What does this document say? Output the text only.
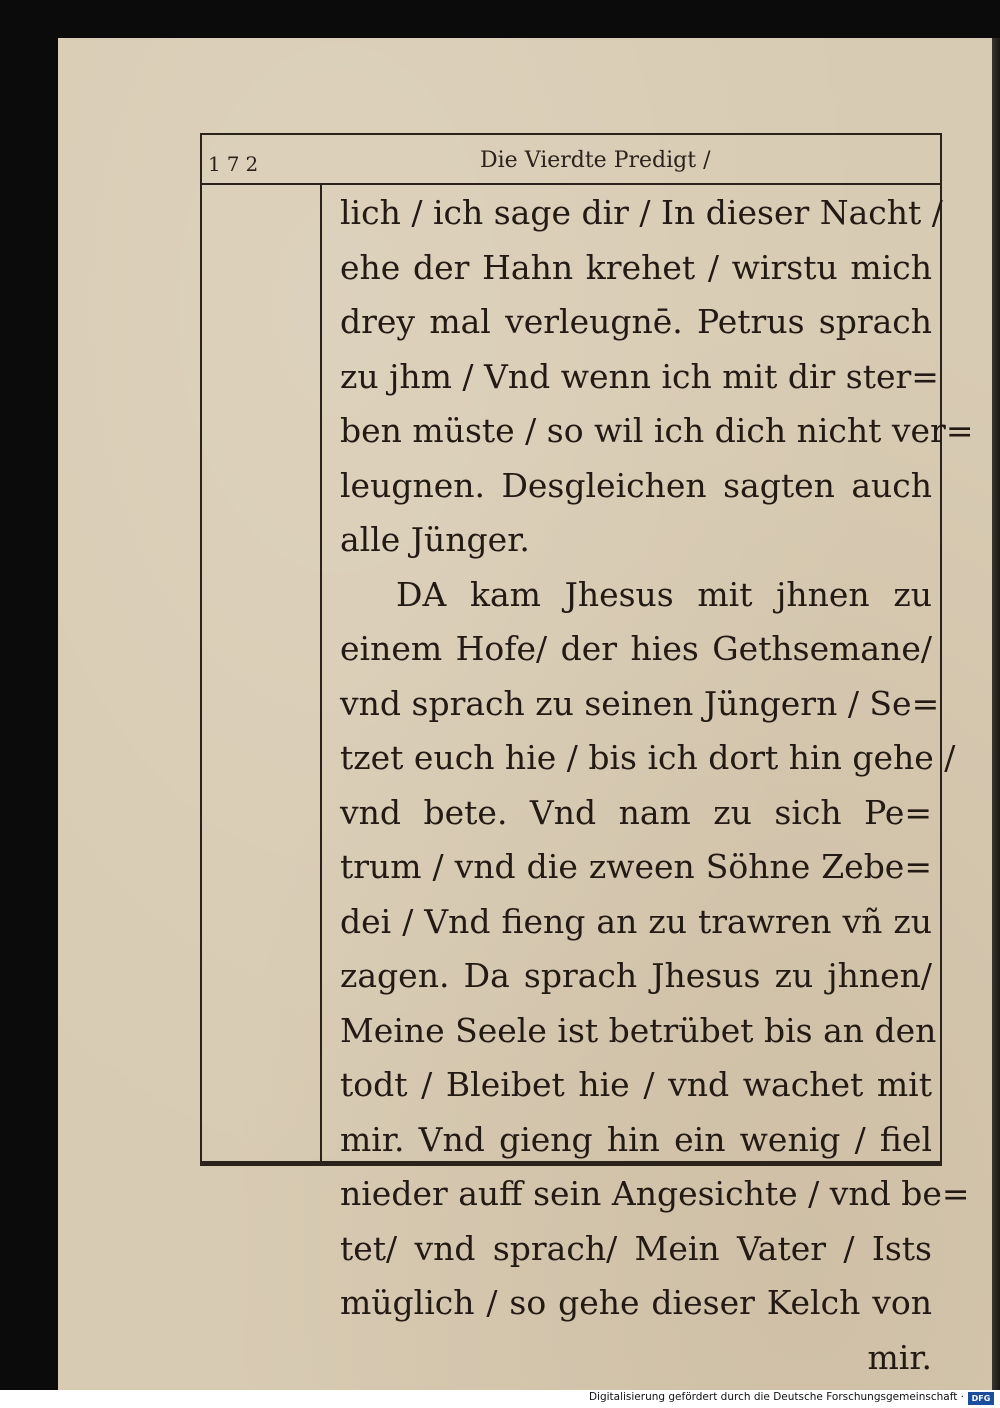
172	Die Vierdte Predigt /
lich / ich sage dir / In dieser Nacht /
ehe der Hahn krehet / wirstu mich
drey mal verleugnē. Petrus sprach
zu jhm / Vnd wenn ich mit dir ster=
ben müste / so wil ich dich nicht ver=
leugnen. Desgleichen sagten auch
alle Jünger.
DA kam Jhesus mit jhnen zu
einem Hofe/ der hies Gethsemane/
vnd sprach zu seinen Jüngern / Se=
tzet euch hie / bis ich dort hin gehe /
vnd bete. Vnd nam zu sich Pe=
trum / vnd die zween Söhne Zebe=
dei / Vnd fieng an zu trawren vñ zu
zagen. Da sprach Jhesus zu jhnen/
Meine Seele ist betrübet bis an den
todt / Bleibet hie / vnd wachet mit
mir. Vnd gieng hin ein wenig / fiel
nieder auff sein Angesichte / vnd be=
tet/ vnd sprach/ Mein Vater / Ists
müglich / so gehe dieser Kelch von
mir.
Digitalisierung gefördert durch die Deutsche Forschungsgemeinschaft · DFG
